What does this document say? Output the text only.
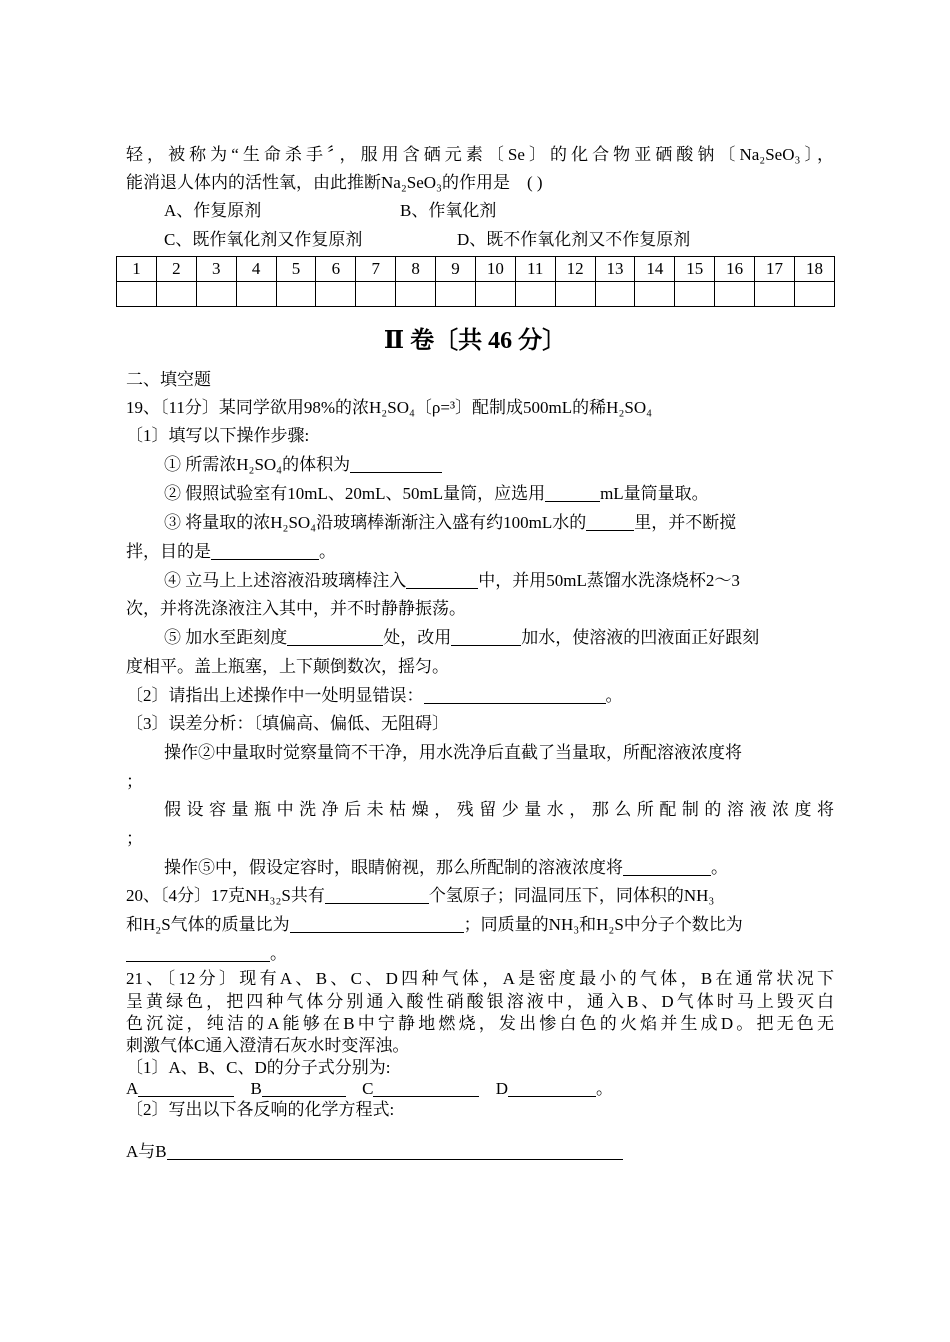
轻，被称为“生命杀手〞，服用含硒元素〔Se〕的化合物亚硒酸钠〔Na₂SeO₃〕，
能消退人体内的活性氧，由此推断Na₂SeO₃的作用是　( )
A、作复原剂	B、作氧化剂
C、既作氧化剂又作复原剂	D、既不作氧化剂又不作复原剂
1	2	3	4	5	6	7	8	9	10	11	12	13	14	15	16	17	18

Ⅱ 卷〔共 46 分〕
二、填空题
19、〔11分〕某同学欲用98%的浓H₂SO₄〔ρ=³〕配制成500mL的稀H₂SO₄
〔1〕填写以下操作步骤:
① 所需浓H₂SO₄的体积为
② 假照试验室有10mL、20mL、50mL量筒，应选用	mL量筒量取。
③ 将量取的浓H₂SO₄沿玻璃棒渐渐注入盛有约100mL水的	里，并不断搅
拌，目的是	。
④ 立马上上述溶液沿玻璃棒注入	中，并用50mL蒸馏水洗涤烧杯2～3
次，并将洗涤液注入其中，并不时静静振荡。
⑤ 加水至距刻度	处，改用	加水，使溶液的凹液面正好跟刻
度相平。盖上瓶塞，上下颠倒数次，摇匀。
〔2〕请指出上述操作中一处明显错误：	。
〔3〕误差分析：〔填偏高、偏低、无阻碍〕
操作②中量取时觉察量筒不干净，用水洗净后直截了当量取，所配溶液浓度将
；
假设容量瓶中洗净后未枯燥，残留少量水，那么所配制的溶液浓度将
；
操作⑤中，假设定容时，眼睛俯视，那么所配制的溶液浓度将	。
20、〔4分〕17克NH₃₂S共有	个氢原子；同温同压下，同体积的NH₃
和H₂S气体的质量比为	；同质量的NH₃和H₂S中分子个数比为
。
21、〔12分〕现有A、B、C、D四种气体，A是密度最小的气体，B在通常状况下
呈黄绿色，把四种气体分别通入酸性硝酸银溶液中，通入B、D气体时马上毁灭白
色沉淀，纯洁的A能够在B中宁静地燃烧，发出惨白色的火焰并生成D。把无色无
刺激气体C通入澄清石灰水时变浑浊。
〔1〕A、B、C、D的分子式分别为:
A	B	C	D	。
〔2〕写出以下各反响的化学方程式:
A与B
